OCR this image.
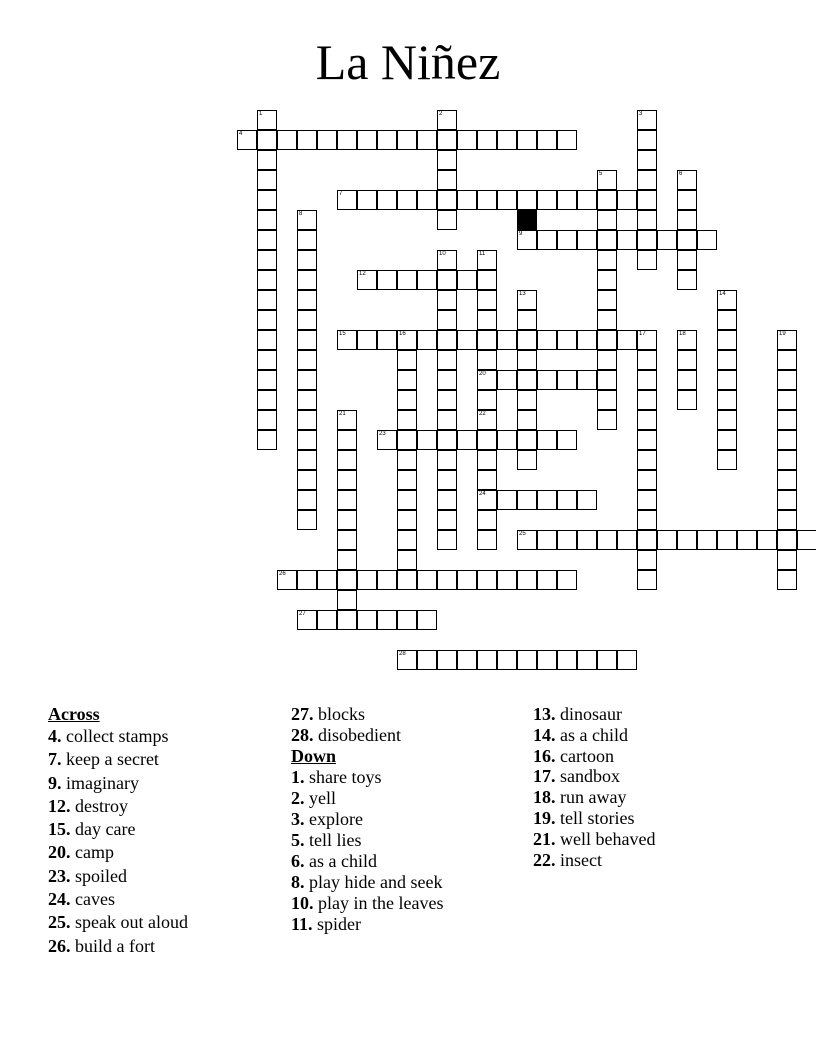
La Niñez
1	2	3
4
5	6
7
8
9
10	11
20
22
24
12
13	14
15	16	17	18	19
21
23
25
26
27
28
Across
4. collect stamps
7. keep a secret
9. imaginary
12. destroy
15. day care
20. camp
23. spoiled
24. caves
25. speak out aloud
26. build a fort
27. blocks
28. disobedient
Down
1. share toys
2. yell
3. explore
5. tell lies
6. as a child
8. play hide and seek
10. play in the leaves
11. spider
13. dinosaur
14. as a child
16. cartoon
17. sandbox
18. run away
19. tell stories
21. well behaved
22. insect
